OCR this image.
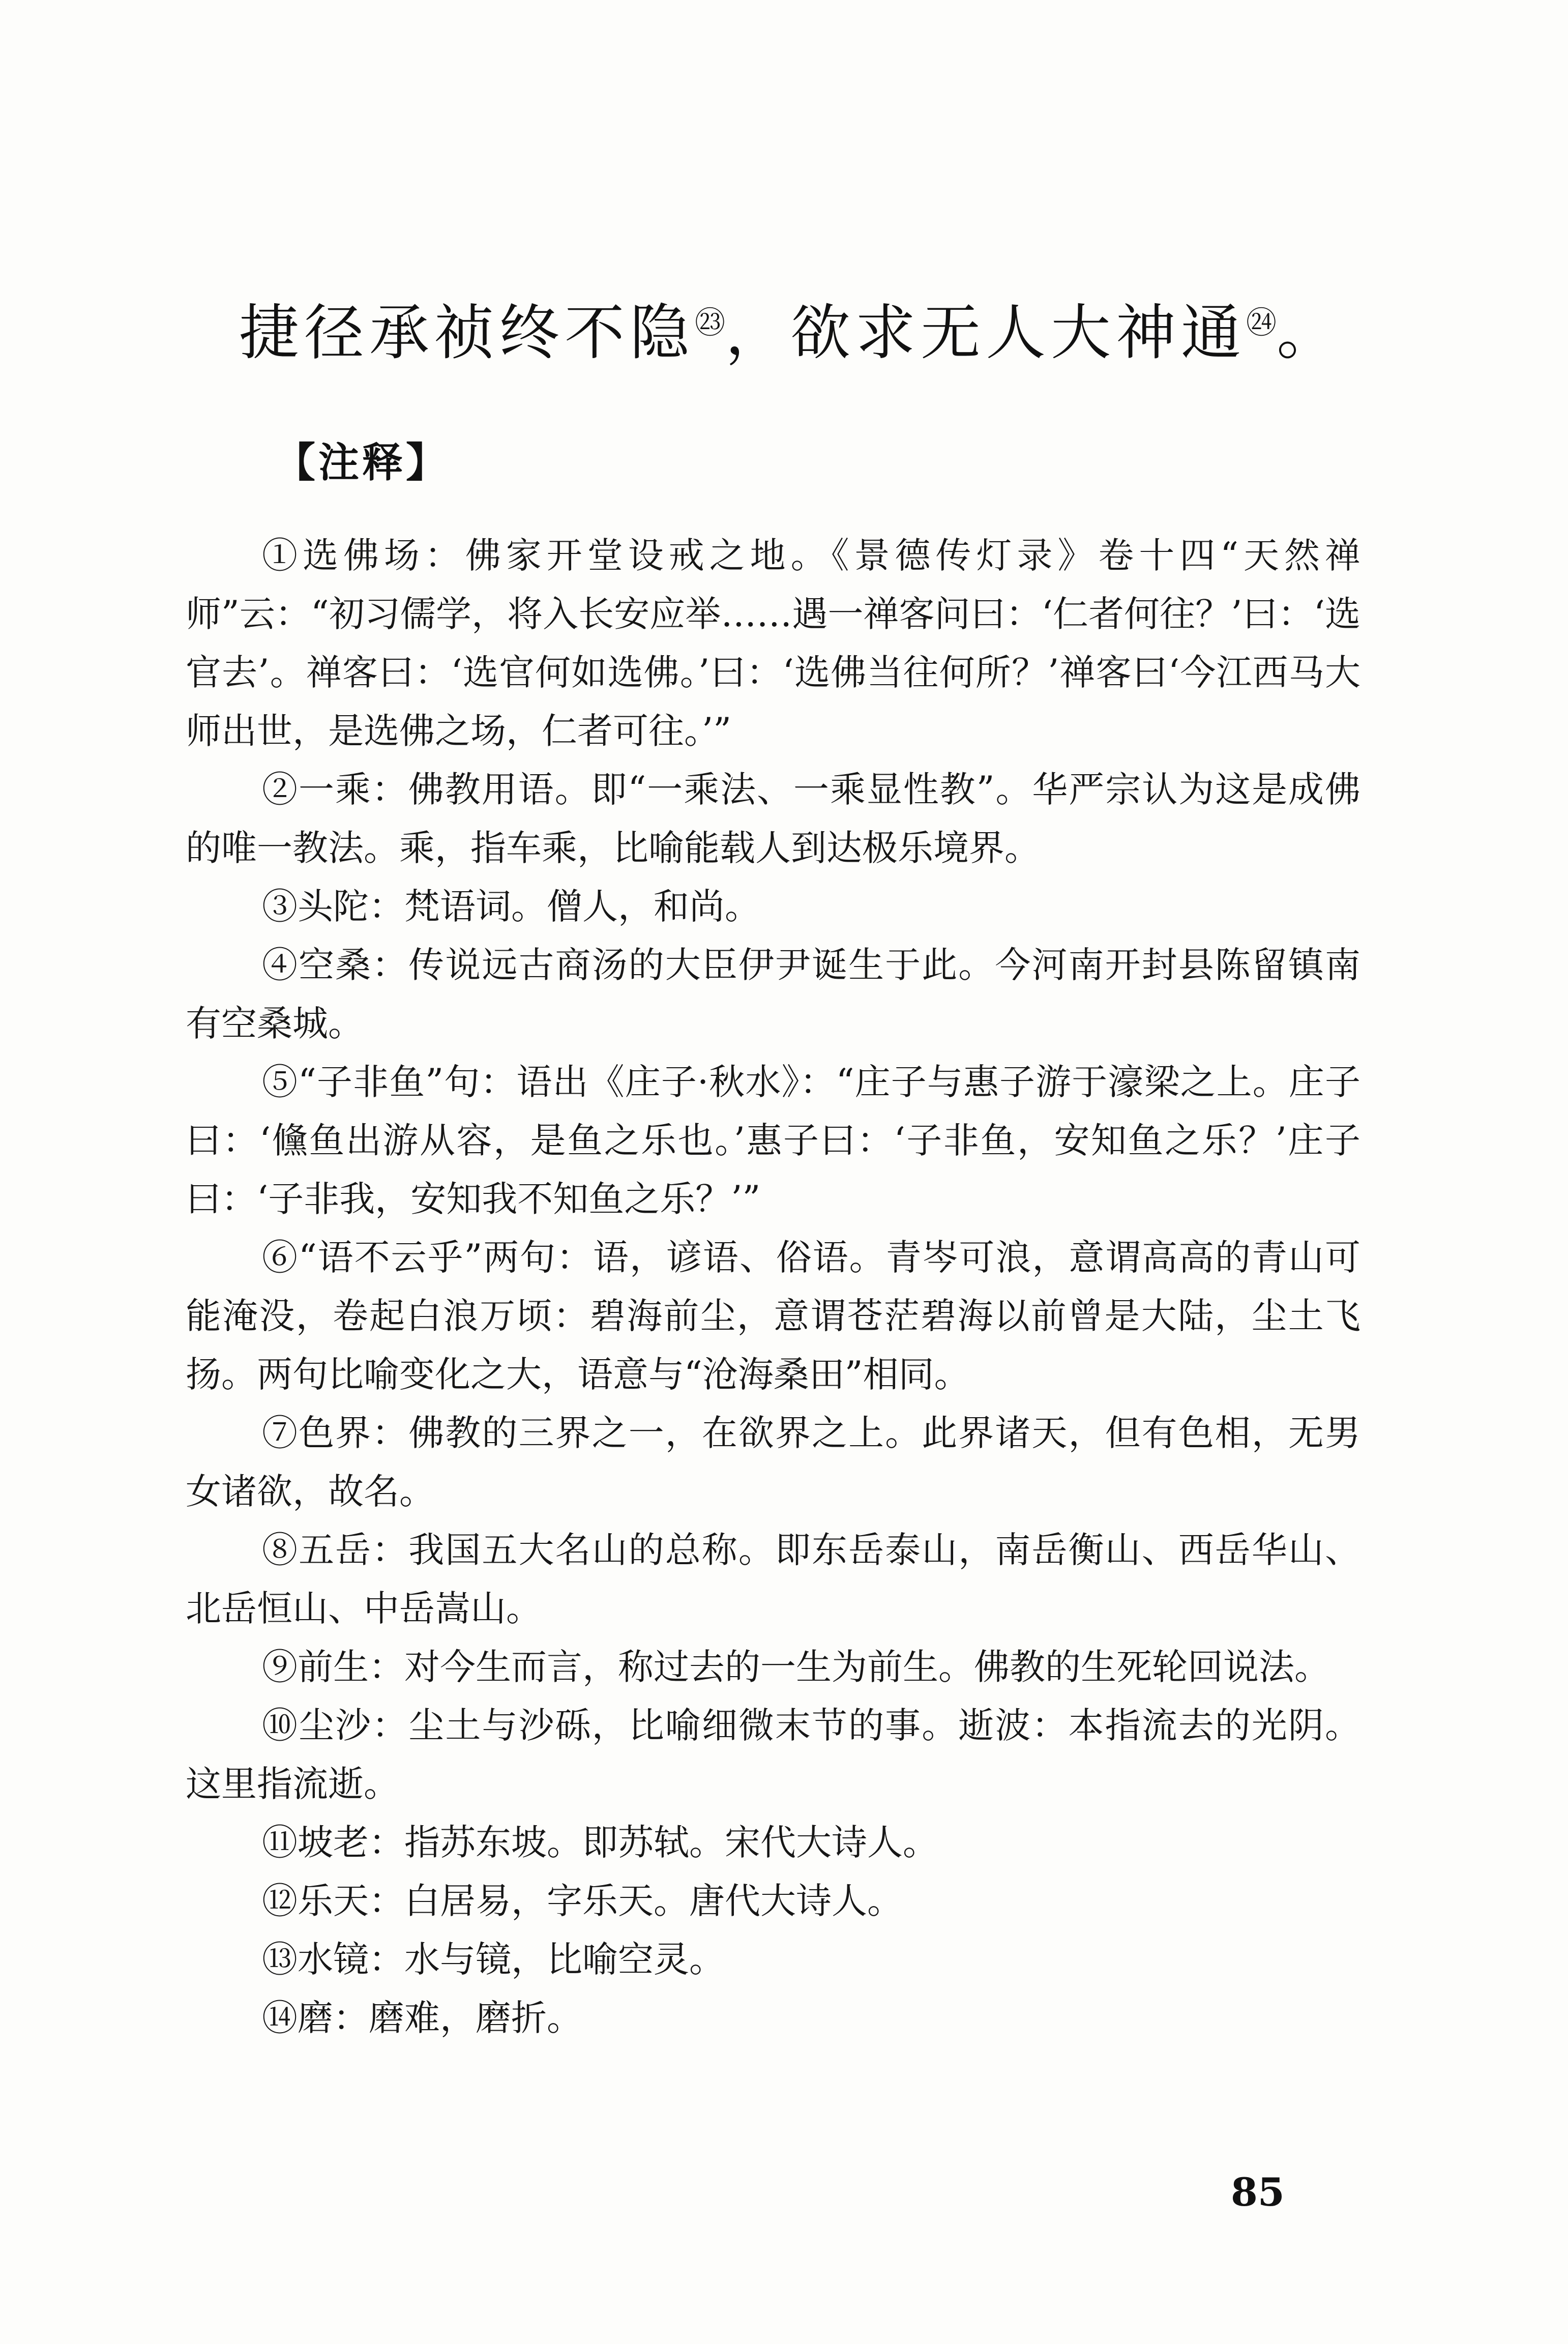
捷径承祯终不隐$^㉓$，欲求无人大神通$^㉔$。
【注释】

①选佛场：佛家开堂设戒之地。《景德传灯录》卷十四“天然禅师”云：“初习儒学，将入长安应举……遇一禅客问曰：‘仁者何往？’曰：‘选官去’。禅客曰：‘选官何如选佛。’曰：‘选佛当往何所？’禅客曰‘今江西马大师出世，是选佛之场，仁者可往。’”

②一乘：佛教用语。即“一乘法、一乘显性教”。华严宗认为这是成佛的唯一教法。乘，指车乘，比喻能载人到达极乐境界。

③头陀：梵语词。僧人，和尚。

④空桑：传说远古商汤的大臣伊尹诞生于此。今河南开封县陈留镇南有空桑城。

⑤“子非鱼”句：语出《庄子·秋水》：“庄子与惠子游于濠梁之上。庄子曰：‘儵鱼出游从容，是鱼之乐也。’惠子曰：‘子非鱼，安知鱼之乐？’庄子曰：‘子非我，安知我不知鱼之乐？’”

⑥“语不云乎”两句：语，谚语、俗语。青岑可浪，意谓高高的青山可能淹没，卷起白浪万顷：碧海前尘，意谓苍茫碧海以前曾是大陆，尘土飞扬。两句比喻变化之大，语意与“沧海桑田”相同。

⑦色界：佛教的三界之一，在欲界之上。此界诸天，但有色相，无男女诸欲，故名。

⑧五岳：我国五大名山的总称。即东岳泰山，南岳衡山、西岳华山、北岳恒山、中岳嵩山。

⑨前生：对今生而言，称过去的一生为前生。佛教的生死轮回说法。

⑩尘沙：尘土与沙砾，比喻细微末节的事。逝波：本指流去的光阴。这里指流逝。

⑪坡老：指苏东坡。即苏轼。宋代大诗人。

⑫乐天：白居易，字乐天。唐代大诗人。

⑬水镜：水与镜，比喻空灵。

⑭磨：磨难，磨折。

85
